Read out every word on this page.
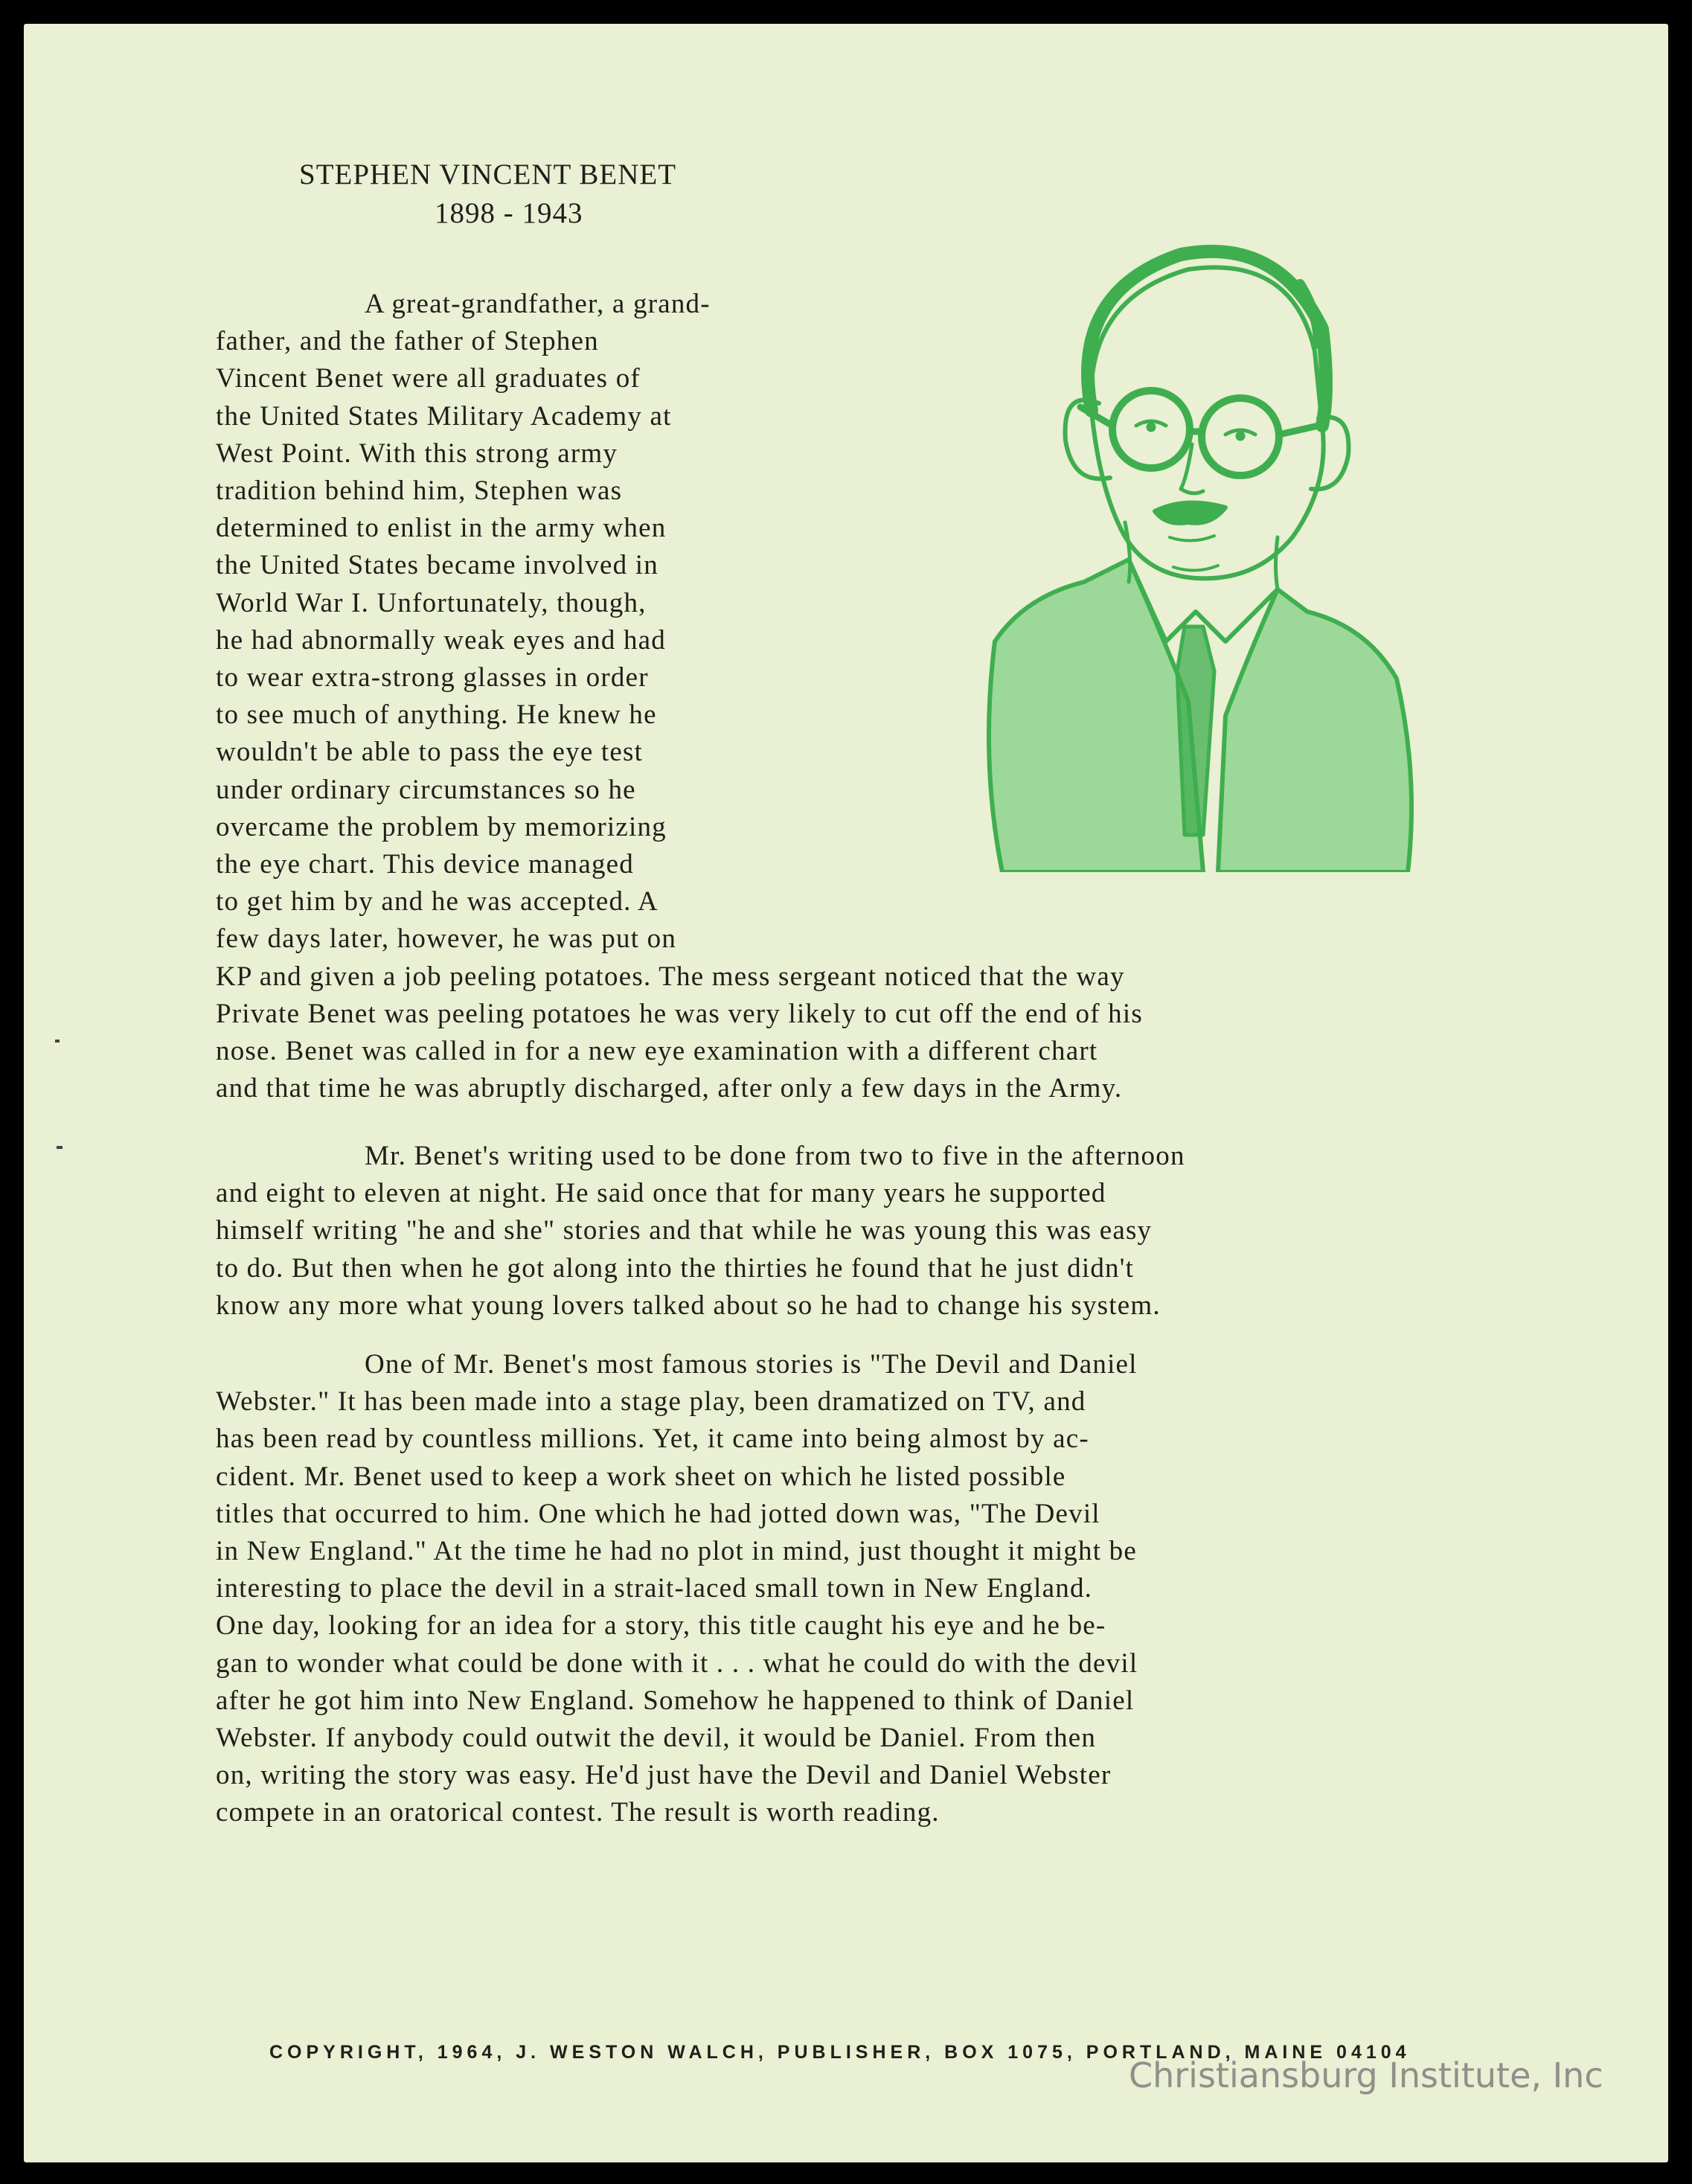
STEPHEN VINCENT BENET
1898 - 1943
A great-grandfather, a grand-
father, and the father of Stephen
Vincent Benet were all graduates of
the United States Military Academy at
West Point. With this strong army
tradition behind him, Stephen was
determined to enlist in the army when
the United States became involved in
World War I. Unfortunately, though,
he had abnormally weak eyes and had
to wear extra-strong glasses in order
to see much of anything. He knew he
wouldn't be able to pass the eye test
under ordinary circumstances so he
overcame the problem by memorizing
the eye chart. This device managed
to get him by and he was accepted. A
few days later, however, he was put on
KP and given a job peeling potatoes. The mess sergeant noticed that the way
Private Benet was peeling potatoes he was very likely to cut off the end of his
nose. Benet was called in for a new eye examination with a different chart
and that time he was abruptly discharged, after only a few days in the Army.
Mr. Benet's writing used to be done from two to five in the afternoon
and eight to eleven at night. He said once that for many years he supported
himself writing "he and she" stories and that while he was young this was easy
to do. But then when he got along into the thirties he found that he just didn't
know any more what young lovers talked about so he had to change his system.
One of Mr. Benet's most famous stories is "The Devil and Daniel
Webster." It has been made into a stage play, been dramatized on TV, and
has been read by countless millions. Yet, it came into being almost by ac-
cident. Mr. Benet used to keep a work sheet on which he listed possible
titles that occurred to him. One which he had jotted down was, "The Devil
in New England." At the time he had no plot in mind, just thought it might be
interesting to place the devil in a strait-laced small town in New England.
One day, looking for an idea for a story, this title caught his eye and he be-
gan to wonder what could be done with it . . . what he could do with the devil
after he got him into New England. Somehow he happened to think of Daniel
Webster. If anybody could outwit the devil, it would be Daniel. From then
on, writing the story was easy. He'd just have the Devil and Daniel Webster
compete in an oratorical contest. The result is worth reading.
COPYRIGHT, 1964, J. WESTON WALCH, PUBLISHER, BOX 1075, PORTLAND, MAINE 04104
Christiansburg Institute, Inc
